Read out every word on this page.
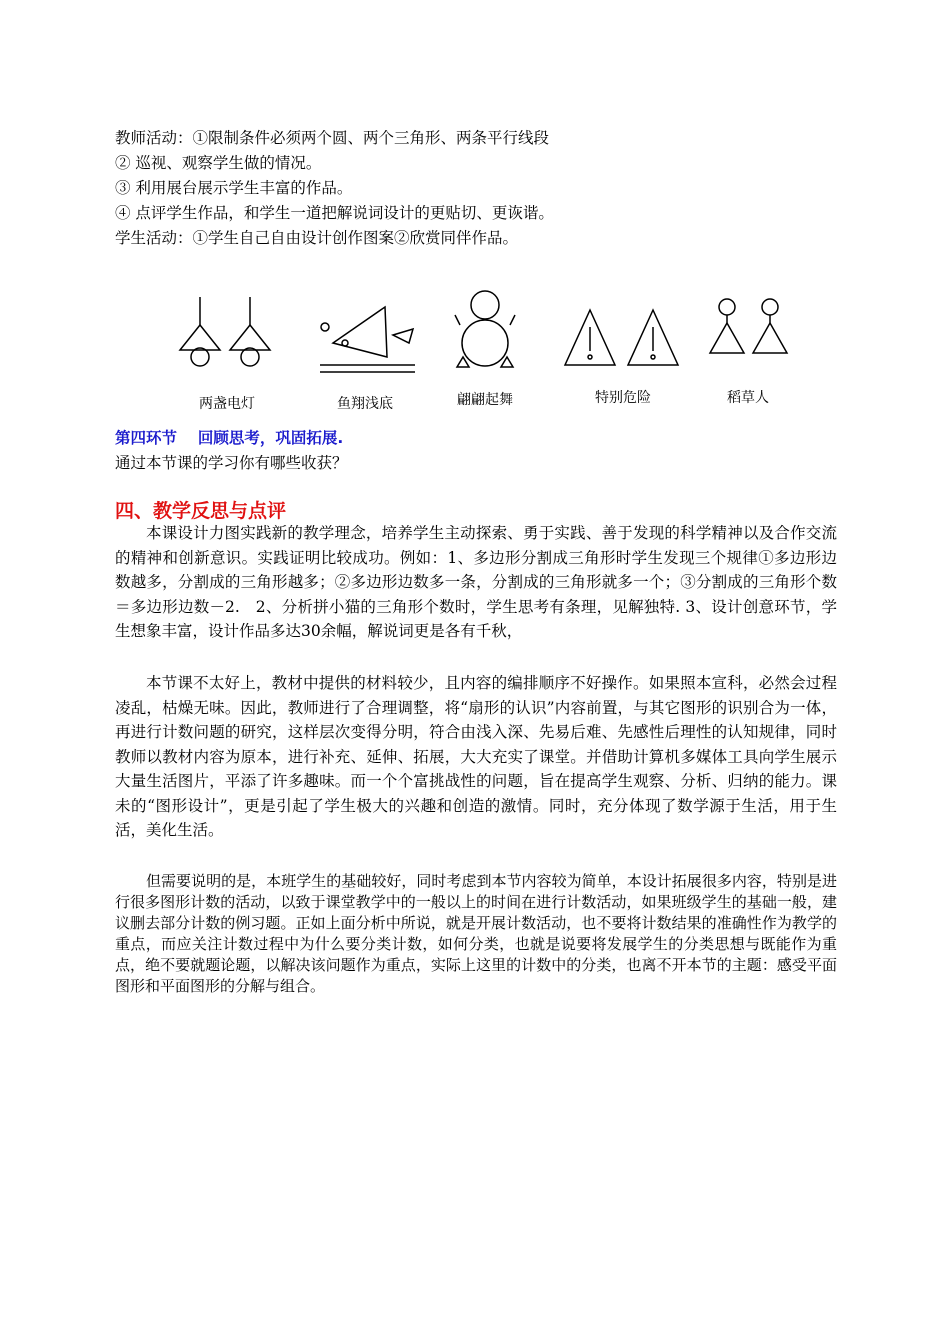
教师活动：①限制条件必须两个圆、两个三角形、两条平行线段
② 巡视、观察学生做的情况。
③ 利用展台展示学生丰富的作品。
④ 点评学生作品，和学生一道把解说词设计的更贴切、更诙谐。
学生活动：①学生自己自由设计创作图案②欣赏同伴作品。
两盏电灯	鱼翔浅底	翩翩起舞	特别危险	稻草人
第四环节　 回顾思考，巩固拓展.
通过本节课的学习你有哪些收获？
四、教学反思与点评
本课设计力图实践新的教学理念，培养学生主动探索、勇于实践、善于发现的科学精神以及合作交流的精神和创新意识。实践证明比较成功。例如：1、多边形分割成三角形时学生发现三个规律①多边形边数越多，分割成的三角形越多；②多边形边数多一条，分割成的三角形就多一个；③分割成的三角形个数＝多边形边数－2.　2、分析拼小猫的三角形个数时，学生思考有条理，见解独特. 3、设计创意环节，学生想象丰富，设计作品多达30余幅，解说词更是各有千秋，
本节课不太好上，教材中提供的材料较少，且内容的编排顺序不好操作。如果照本宣科，必然会过程凌乱，枯燥无味。因此，教师进行了合理调整，将“扇形的认识”内容前置，与其它图形的识别合为一体，再进行计数问题的研究，这样层次变得分明，符合由浅入深、先易后难、先感性后理性的认知规律，同时教师以教材内容为原本，进行补充、延伸、拓展，大大充实了课堂。并借助计算机多媒体工具向学生展示大量生活图片，平添了许多趣味。而一个个富挑战性的问题，旨在提高学生观察、分析、归纳的能力。课未的“图形设计”，更是引起了学生极大的兴趣和创造的激情。同时，充分体现了数学源于生活，用于生活，美化生活。
但需要说明的是，本班学生的基础较好，同时考虑到本节内容较为简单，本设计拓展很多内容，特别是进行很多图形计数的活动，以致于课堂教学中的一般以上的时间在进行计数活动，如果班级学生的基础一般，建议删去部分计数的例习题。正如上面分析中所说，就是开展计数活动，也不要将计数结果的准确性作为教学的重点，而应关注计数过程中为什么要分类计数，如何分类，也就是说要将发展学生的分类思想与既能作为重点，绝不要就题论题，以解决该问题作为重点，实际上这里的计数中的分类，也离不开本节的主题：感受平面图形和平面图形的分解与组合。
